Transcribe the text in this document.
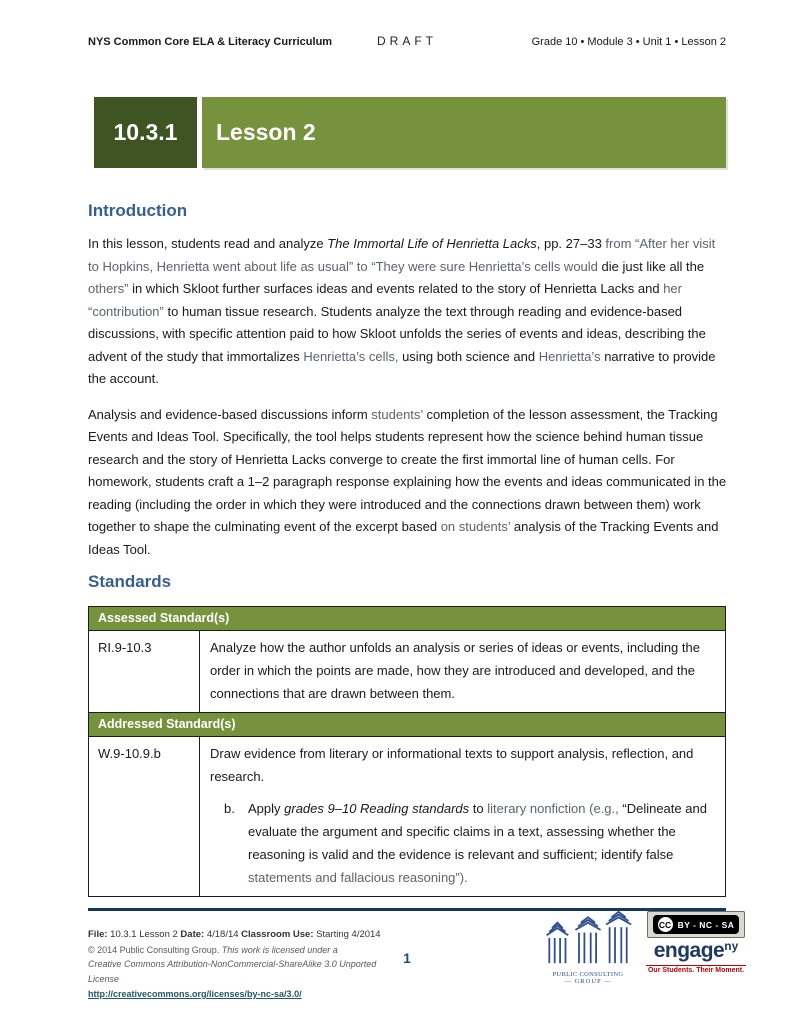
NYS Common Core ELA & Literacy Curriculum	DRAFT	Grade 10 • Module 3 • Unit 1 • Lesson 2
10.3.1	Lesson 2
Introduction

In this lesson, students read and analyze The Immortal Life of Henrietta Lacks, pp. 27–33 from “After her visit to Hopkins, Henrietta went about life as usual” to “They were sure Henrietta’s cells would die just like all the others” in which Skloot further surfaces ideas and events related to the story of Henrietta Lacks and her “contribution” to human tissue research. Students analyze the text through reading and evidence-based discussions, with specific attention paid to how Skloot unfolds the series of events and ideas, describing the advent of the study that immortalizes Henrietta’s cells, using both science and Henrietta’s narrative to provide the account.

Analysis and evidence-based discussions inform students’ completion of the lesson assessment, the Tracking Events and Ideas Tool. Specifically, the tool helps students represent how the science behind human tissue research and the story of Henrietta Lacks converge to create the first immortal line of human cells. For homework, students craft a 1–2 paragraph response explaining how the events and ideas communicated in the reading (including the order in which they were introduced and the connections drawn between them) work together to shape the culminating event of the excerpt based on students’ analysis of the Tracking Events and Ideas Tool.

Standards
Assessed Standard(s)	
RI.9-10.3	Analyze how the author unfolds an analysis or series of ideas or events, including the order in which the points are made, how they are introduced and developed, and the connections that are drawn between them.

Addressed Standard(s)	
W.9-10.9.b	Draw evidence from literary or informational texts to support analysis, reflection, and research.
b. Apply grades 9–10 Reading standards to literary nonfiction (e.g., “Delineate and evaluate the argument and specific claims in a text, assessing whether the reasoning is valid and the evidence is relevant and sufficient; identify false statements and fallacious reasoning”).
File: 10.3.1 Lesson 2 Date: 4/18/14 Classroom Use: Starting 4/2014
© 2014 Public Consulting Group. This work is licensed under a
Creative Commons Attribution-NonCommercial-ShareAlike 3.0 Unported License
http://creativecommons.org/licenses/by-nc-sa/3.0/
1
PUBLIC CONSULTING
— GROUP —
CC BY - NC - SA
engage$^{ny}$
Our Students. Their Moment.
